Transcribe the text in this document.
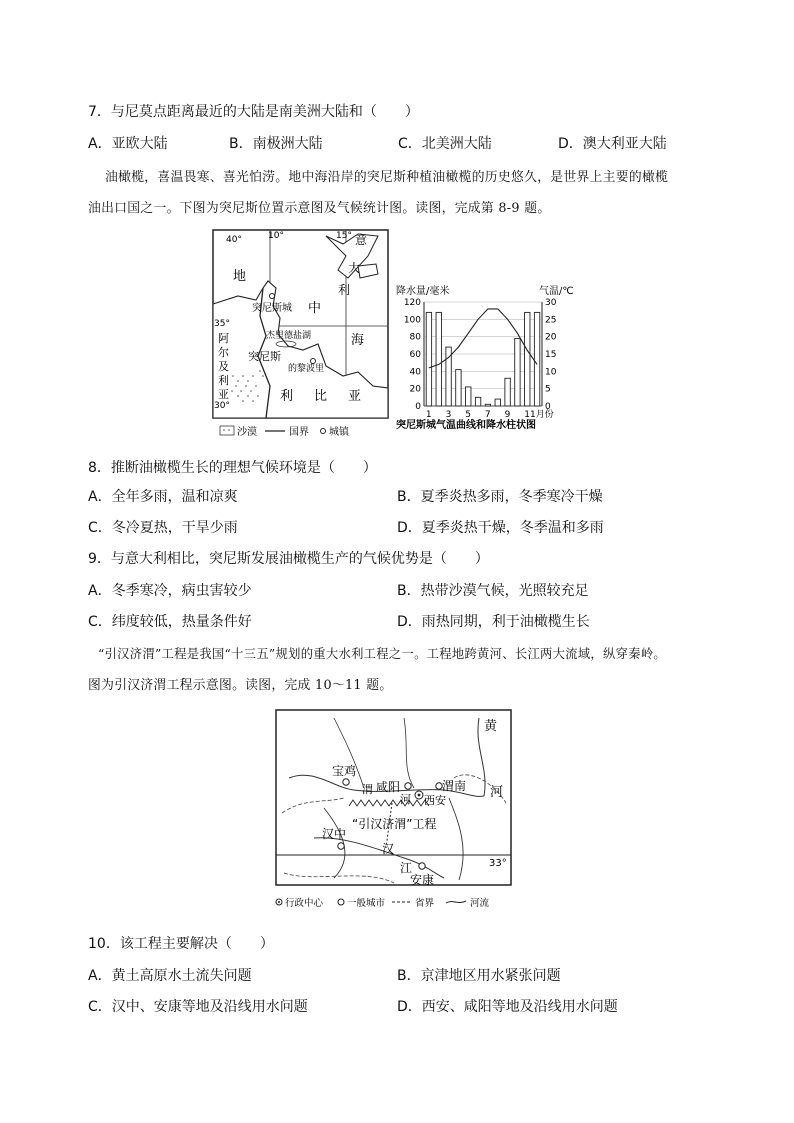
7．与尼莫点距离最近的大陆是南美洲大陆和（　　）
A．亚欧大陆	B．南极洲大陆	C．北美洲大陆	D．澳大利亚大陆
油橄榄，喜温畏寒、喜光怕涝。地中海沿岸的突尼斯种植油橄榄的历史悠久，是世界上主要的橄榄
油出口国之一。下图为突尼斯位置示意图及气候统计图。读图，完成第 8-9 题。
40°	10°	15° 意
大
利
地
中
海
突尼斯城
35°
杰里德盐湖
突尼斯
的黎波里
阿
尔
及
利
亚
30°
利 比 亚
沙漠	国界 城镇
降水量/毫米	气温/℃
0
20
40
60
80
100
120
0
5
10
15
20
25
30
1 3 5 7 9 11月份
突尼斯城气温曲线和降水柱状图
8．推断油橄榄生长的理想气候环境是（　　）
A．全年多雨，温和凉爽	B．夏季炎热多雨，冬季寒冷干燥
C．冬冷夏热，干旱少雨	D．夏季炎热干燥，冬季温和多雨
9．与意大利相比，突尼斯发展油橄榄生产的气候优势是（　　）
A．冬季寒冷，病虫害较少	B．热带沙漠气候，光照较充足
C．纬度较低，热量条件好	D．雨热同期，利于油橄榄生长
“引汉济渭”工程是我国“十三五”规划的重大水利工程之一。工程地跨黄河、长江两大流域，纵穿秦岭。
图为引汉济渭工程示意图。读图，完成 10～11 题。
黄
河
宝鸡
咸阳	渭南
西安
渭
河
“引汉济渭”工程
汉中
汉
江
安康
33°
行政中心	一般城市	省界	河流
10．该工程主要解决（　　）
A．黄土高原水土流失问题	B．京津地区用水紧张问题
C．汉中、安康等地及沿线用水问题	D．西安、咸阳等地及沿线用水问题
